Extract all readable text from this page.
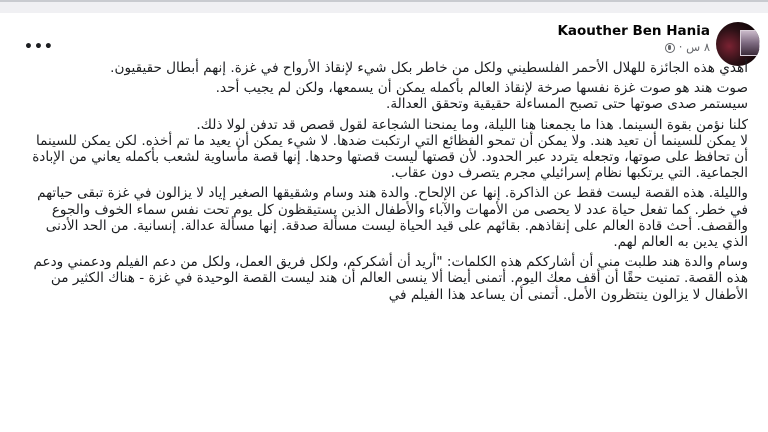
•••
Kaouther Ben Hania
٨ س ·

أهدي هذه الجائزة للهلال الأحمر الفلسطيني ولكل من خاطر بكل شيء لإنقاذ الأرواح في غزة. إنهم أبطال حقيقيون.

صوت هند هو صوت غزة نفسها صرخة لإنقاذ العالم بأكمله يمكن أن يسمعها، ولكن لم يجيب أحد.

سيستمر صدى صوتها حتى تصبح المساءلة حقيقية وتحقق العدالة.

كلنا نؤمن بقوة السينما. هذا ما يجمعنا هنا الليلة، وما يمنحنا الشجاعة لقول قصص قد تدفن لولا ذلك.

لا يمكن للسينما أن تعيد هند. ولا يمكن أن تمحو الفظائع التي ارتكبت ضدها. لا شيء يمكن أن يعيد ما تم أخذه. لكن يمكن للسينما أن تحافظ على صوتها، وتجعله يتردد عبر الحدود. لأن قصتها ليست قصتها وحدها. إنها قصة مأساوية لشعب بأكمله يعاني من الإبادة الجماعية. التي يرتكبها نظام إسرائيلي مجرم يتصرف دون عقاب.

والليلة. هذه القصة ليست فقط عن الذاكرة. إنها عن الإلحاح. والدة هند وسام وشقيقها الصغير إياد لا يزالون في غزة تبقى حياتهم في خطر. كما تفعل حياة عدد لا يحصى من الأمهات والآباء والأطفال الذين يستيقظون كل يوم تحت نفس سماء الخوف والجوع والقصف. أحث قادة العالم على إنقاذهم. بقائهم على قيد الحياة ليست مسألة صدقة. إنها مسألة عدالة. إنسانية. من الحد الأدنى الذي يدين به العالم لهم.

وسام والدة هند طلبت مني أن أشارككم هذه الكلمات: "أريد أن أشكركم، ولكل فريق العمل، ولكل من دعم الفيلم ودعمني ودعم هذه القصة. تمنيت حقًا أن أقف معك اليوم. أتمنى أيضا ألا ينسى العالم أن هند ليست القصة الوحيدة في غزة - هناك الكثير من الأطفال لا يزالون ينتظرون الأمل. أتمنى أن يساعد هذا الفيلم في
